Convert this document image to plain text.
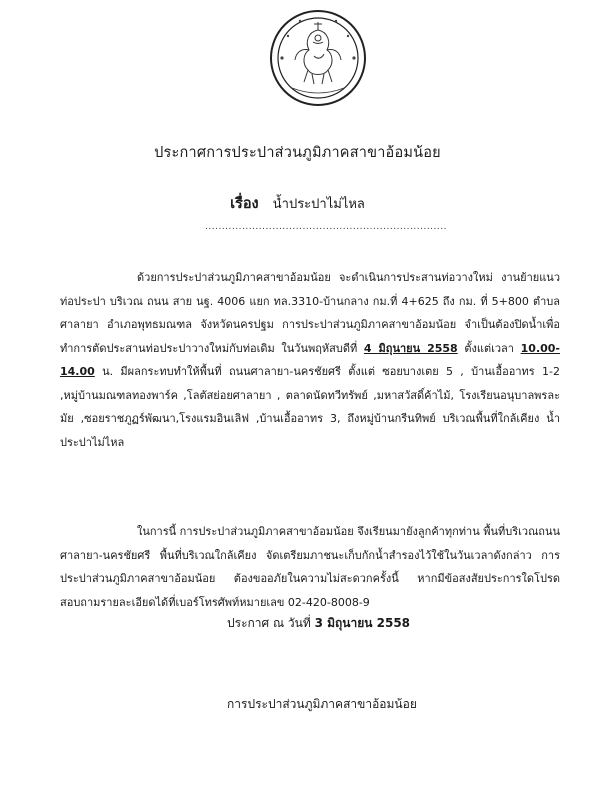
ประกาศการประปาส่วนภูมิภาคสาขาอ้อมน้อย
เรื่อง น้ำประปาไม่ไหล
........................................................................
ด้วยการประปาส่วนภูมิภาคสาขาอ้อมน้อย จะดำเนินการประสานท่อวางใหม่ งานย้ายแนวท่อประปา บริเวณ ถนน สาย นฐ. 4006 แยก ทล.3310-บ้านกลาง กม.ที่ 4+625 ถึง กม. ที่ 5+800 ตำบลศาลายา อำเภอพุทธมณฑล จังหวัดนครปฐม การประปาส่วนภูมิภาคสาขาอ้อมน้อย จำเป็นต้องปิดน้ำเพื่อทำการตัดประสานท่อประปาวางใหม่กับท่อเดิม ในวันพฤหัสบดีที่ 4 มิถุนายน 2558 ตั้งแต่เวลา 10.00-14.00 น. มีผลกระทบทำให้พื้นที่ ถนนศาลายา-นครชัยศรี ตั้งแต่ ซอยบางเตย 5 , บ้านเอื้ออาทร 1-2 ,หมู่บ้านมณฑลทองพาร์ค ,โลตัสย่อยศาลายา , ตลาดนัดทวีทรัพย์ ,มหาสวัสดิ์ค้าไม้, โรงเรียนอนุบาลพรละมัย ,ซอยราชภูฏร์พัฒนา,โรงแรมอินเลิฟ ,บ้านเอื้ออาทร 3, ถึงหมู่บ้านกรีนทิพย์ บริเวณพื้นที่ใกล้เคียง น้ำประปาไม่ไหล
ในการนี้ การประปาส่วนภูมิภาคสาขาอ้อมน้อย จึงเรียนมายังลูกค้าทุกท่าน พื้นที่บริเวณถนนศาลายา-นครชัยศรี พื้นที่บริเวณใกล้เคียง จัดเตรียมภาชนะเก็บกักน้ำสำรองไว้ใช้ในวันเวลาดังกล่าว การประปาส่วนภูมิภาคสาขาอ้อมน้อย ต้องขออภัยในความไม่สะดวกครั้งนี้ หากมีข้อสงสัยประการใดโปรดสอบถามรายละเอียดได้ที่เบอร์โทรศัพท์หมายเลข 02-420-8008-9
ประกาศ ณ วันที่ 3 มิถุนายน 2558
การประปาส่วนภูมิภาคสาขาอ้อมน้อย
